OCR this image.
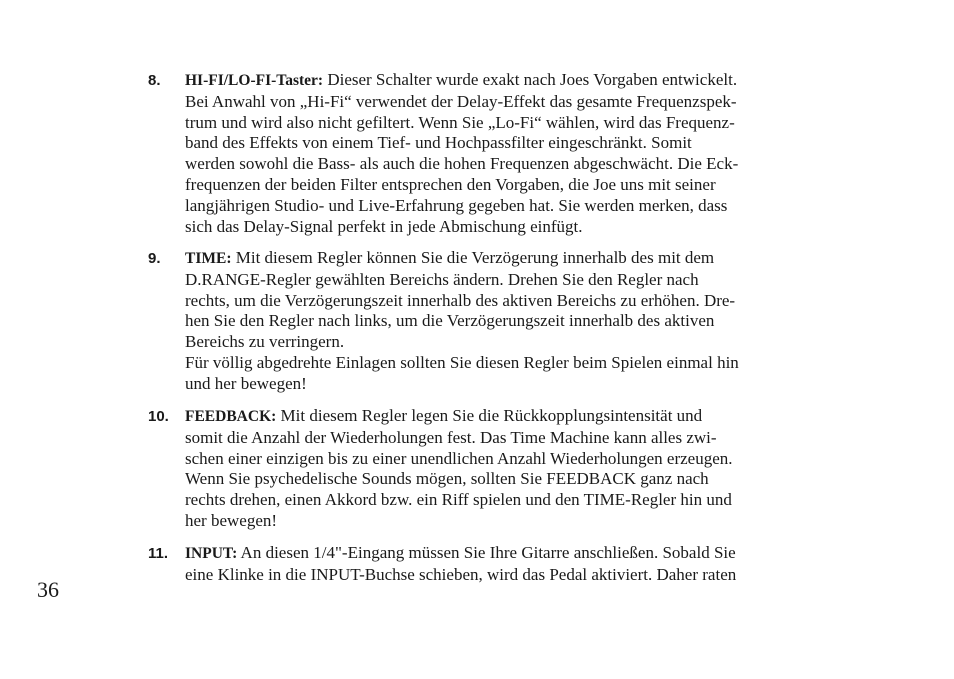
8. HI-FI/LO-FI-Taster: Dieser Schalter wurde exakt nach Joes Vorgaben entwickelt.
Bei Anwahl von „Hi-Fi“ verwendet der Delay-Effekt das gesamte Frequenzspek-
trum und wird also nicht gefiltert. Wenn Sie „Lo-Fi“ wählen, wird das Frequenz-
band des Effekts von einem Tief- und Hochpassfilter eingeschränkt. Somit
werden sowohl die Bass- als auch die hohen Frequenzen abgeschwächt. Die Eck-
frequenzen der beiden Filter entsprechen den Vorgaben, die Joe uns mit seiner
langjährigen Studio- und Live-Erfahrung gegeben hat. Sie werden merken, dass
sich das Delay-Signal perfekt in jede Abmischung einfügt.
9. TIME: Mit diesem Regler können Sie die Verzögerung innerhalb des mit dem
D.RANGE-Regler gewählten Bereichs ändern. Drehen Sie den Regler nach
rechts, um die Verzögerungszeit innerhalb des aktiven Bereichs zu erhöhen. Dre-
hen Sie den Regler nach links, um die Verzögerungszeit innerhalb des aktiven
Bereichs zu verringern.
Für völlig abgedrehte Einlagen sollten Sie diesen Regler beim Spielen einmal hin
und her bewegen!
10. FEEDBACK: Mit diesem Regler legen Sie die Rückkopplungsintensität und
somit die Anzahl der Wiederholungen fest. Das Time Machine kann alles zwi-
schen einer einzigen bis zu einer unendlichen Anzahl Wiederholungen erzeugen.
Wenn Sie psychedelische Sounds mögen, sollten Sie FEEDBACK ganz nach
rechts drehen, einen Akkord bzw. ein Riff spielen und den TIME-Regler hin und
her bewegen!
11. INPUT: An diesen 1/4"-Eingang müssen Sie Ihre Gitarre anschließen. Sobald Sie
eine Klinke in die INPUT-Buchse schieben, wird das Pedal aktiviert. Daher raten
36
